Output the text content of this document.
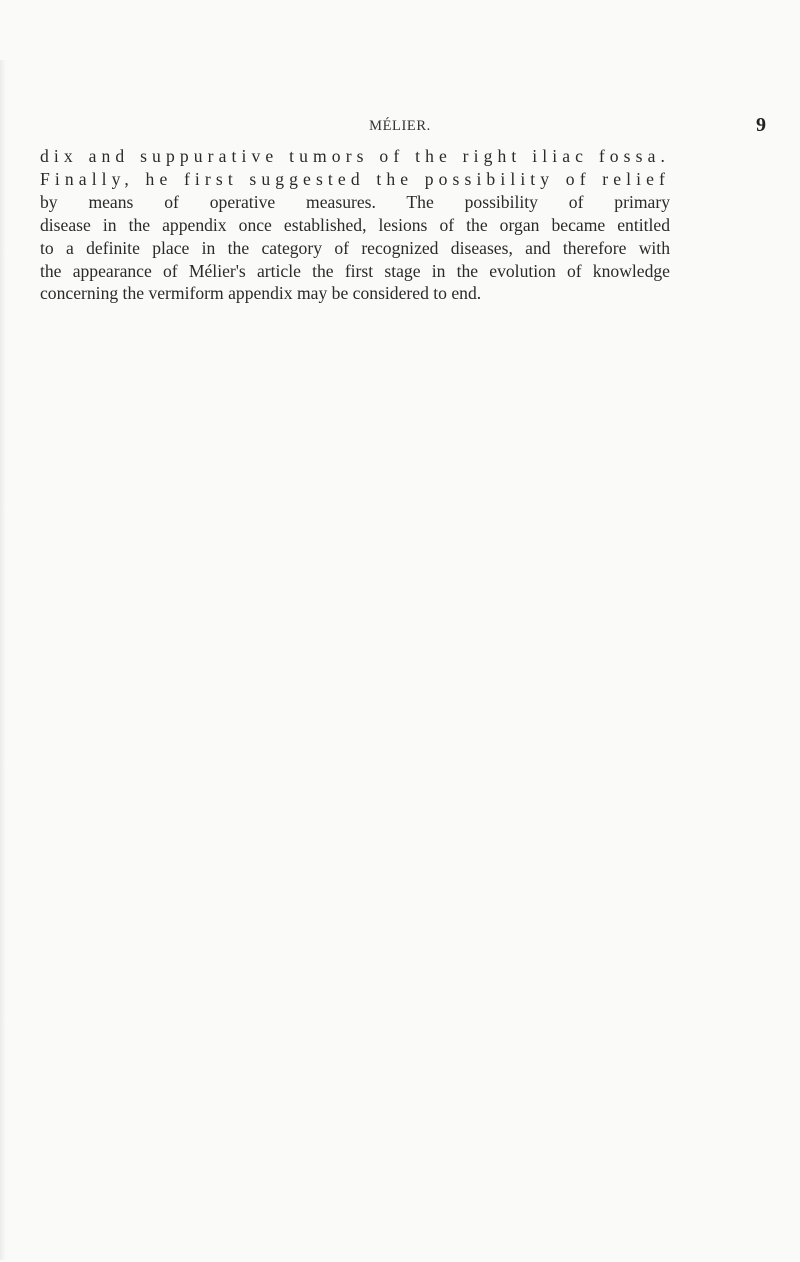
MÉLIER.	9
dix and suppurative tumors of the right iliac fossa.
Finally, he first suggested the possibility of relief
by means of operative measures. The possibility of primary
disease in the appendix once established, lesions of the organ became entitled
to a definite place in the category of recognized diseases, and therefore with
the appearance of Mélier's article the first stage in the evolution of knowledge
concerning the vermiform appendix may be considered to end.
